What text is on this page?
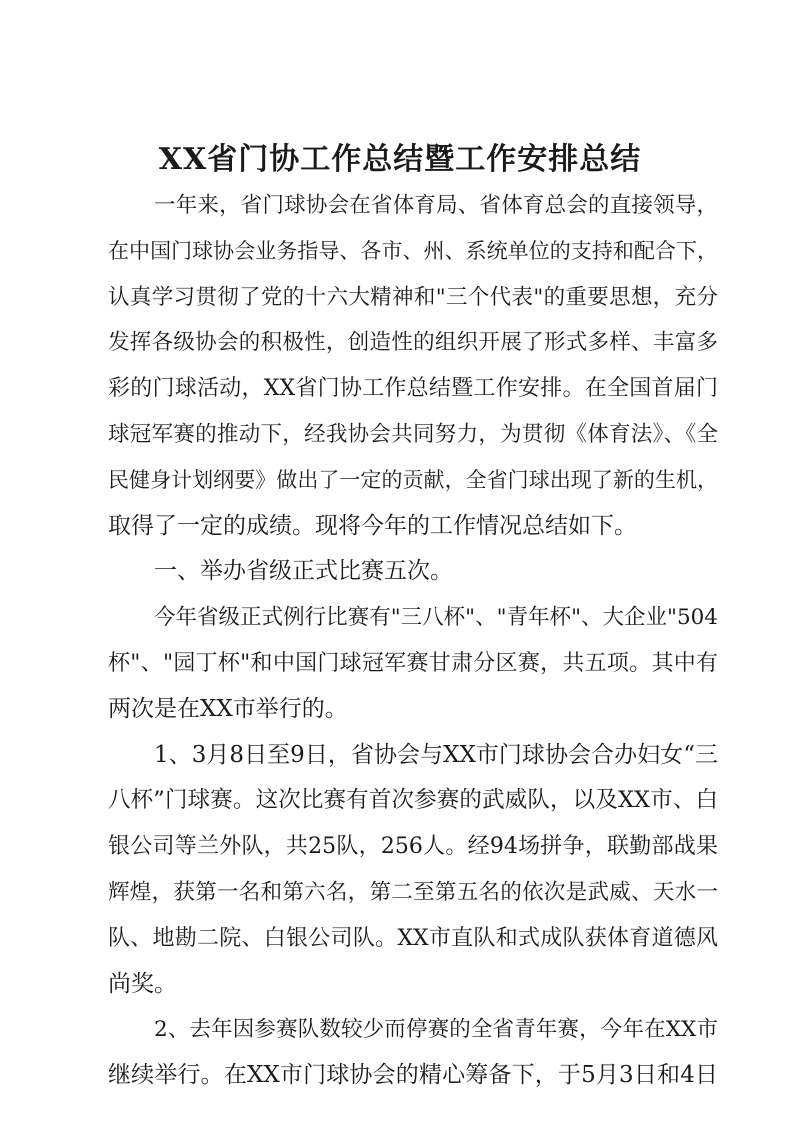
XX省门协工作总结暨工作安排总结
一年来，省门球协会在省体育局、省体育总会的直接领导，
在中国门球协会业务指导、各市、州、系统单位的支持和配合下，
认真学习贯彻了党的十六大精神和"三个代表"的重要思想，充分
发挥各级协会的积极性，创造性的组织开展了形式多样、丰富多
彩的门球活动，XX省门协工作总结暨工作安排。在全国首届门
球冠军赛的推动下，经我协会共同努力，为贯彻《体育法》、《全
民健身计划纲要》做出了一定的贡献，全省门球出现了新的生机，
取得了一定的成绩。现将今年的工作情况总结如下。
一、举办省级正式比赛五次。
今年省级正式例行比赛有"三八杯"、"青年杯"、大企业"504
杯"、"园丁杯"和中国门球冠军赛甘肃分区赛，共五项。其中有
两次是在XX市举行的。
1、3月8日至9日，省协会与XX市门球协会合办妇女“三
八杯”门球赛。这次比赛有首次参赛的武威队，以及XX市、白
银公司等兰外队，共25队，256人。经94场拼争，联勤部战果
辉煌，获第一名和第六名，第二至第五名的依次是武威、天水一
队、地勘二院、白银公司队。XX市直队和式成队获体育道德风
尚奖。
2、去年因参赛队数较少而停赛的全省青年赛，今年在XX市
继续举行。在XX市门球协会的精心筹备下，于5月3日和4日
